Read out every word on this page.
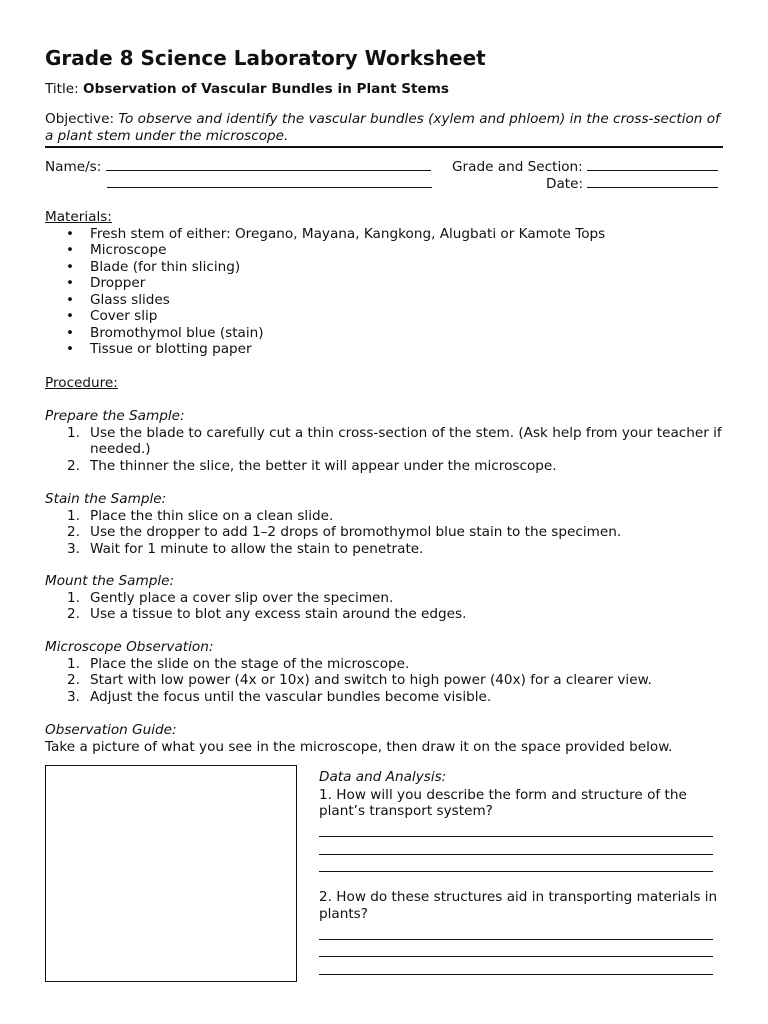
Grade 8 Science Laboratory Worksheet
Title: Observation of Vascular Bundles in Plant Stems
Objective: To observe and identify the vascular bundles (xylem and phloem) in the cross-section of a plant stem under the microscope.
Name/s:	Grade and Section:
Date:
Materials:
• Fresh stem of either: Oregano, Mayana, Kangkong, Alugbati or Kamote Tops
• Microscope
• Blade (for thin slicing)
• Dropper
• Glass slides
• Cover slip
• Bromothymol blue (stain)
• Tissue or blotting paper
Procedure:
Prepare the Sample:
1. Use the blade to carefully cut a thin cross-section of the stem. (Ask help from your teacher if needed.)
2. The thinner the slice, the better it will appear under the microscope.
Stain the Sample:
1. Place the thin slice on a clean slide.
2. Use the dropper to add 1–2 drops of bromothymol blue stain to the specimen.
3. Wait for 1 minute to allow the stain to penetrate.
Mount the Sample:
1. Gently place a cover slip over the specimen.
2. Use a tissue to blot any excess stain around the edges.
Microscope Observation:
1. Place the slide on the stage of the microscope.
2. Start with low power (4x or 10x) and switch to high power (40x) for a clearer view.
3. Adjust the focus until the vascular bundles become visible.
Observation Guide:
Take a picture of what you see in the microscope, then draw it on the space provided below.
Data and Analysis:
1. How will you describe the form and structure of the plant’s transport system?
2. How do these structures aid in transporting materials in plants?
